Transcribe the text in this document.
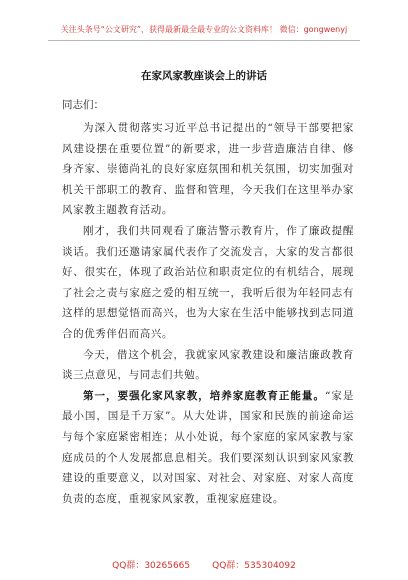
关注头条号“公文研究”，获得最新最全最专业的公文资料库！ 微信：gongwenyj
在家风家教座谈会上的讲话
同志们：

为深入贯彻落实习近平总书记提出的“领导干部要把家风建设摆在重要位置”的新要求，进一步营造廉洁自律、修身齐家、崇德尚礼的良好家庭氛围和机关氛围，切实加强对机关干部职工的教育、监督和管理，今天我们在这里举办家风家教主题教育活动。

刚才，我们共同观看了廉洁警示教育片，作了廉政提醒谈话。我们还邀请家属代表作了交流发言，大家的发言都很好、很实在，体现了政治站位和职责定位的有机结合，展现了社会之责与家庭之爱的相互统一，我听后很为年轻同志有这样的思想觉悟而高兴，也为大家在生活中能够找到志同道合的优秀伴侣而高兴。

今天，借这个机会，我就家风家教建设和廉洁廉政教育谈三点意见，与同志们共勉。

第一，要强化家风家教，培养家庭教育正能量。“家是最小国，国是千万家”。从大处讲，国家和民族的前途命运与每个家庭紧密相连；从小处说，每个家庭的家风家教与家庭成员的个人发展都息息相关。我们要深刻认识到家风家教建设的重要意义，以对国家、对社会、对家庭、对家人高度负责的态度，重视家风家教，重视家庭建设。

QQ群：30265665 QQ群：535304092
